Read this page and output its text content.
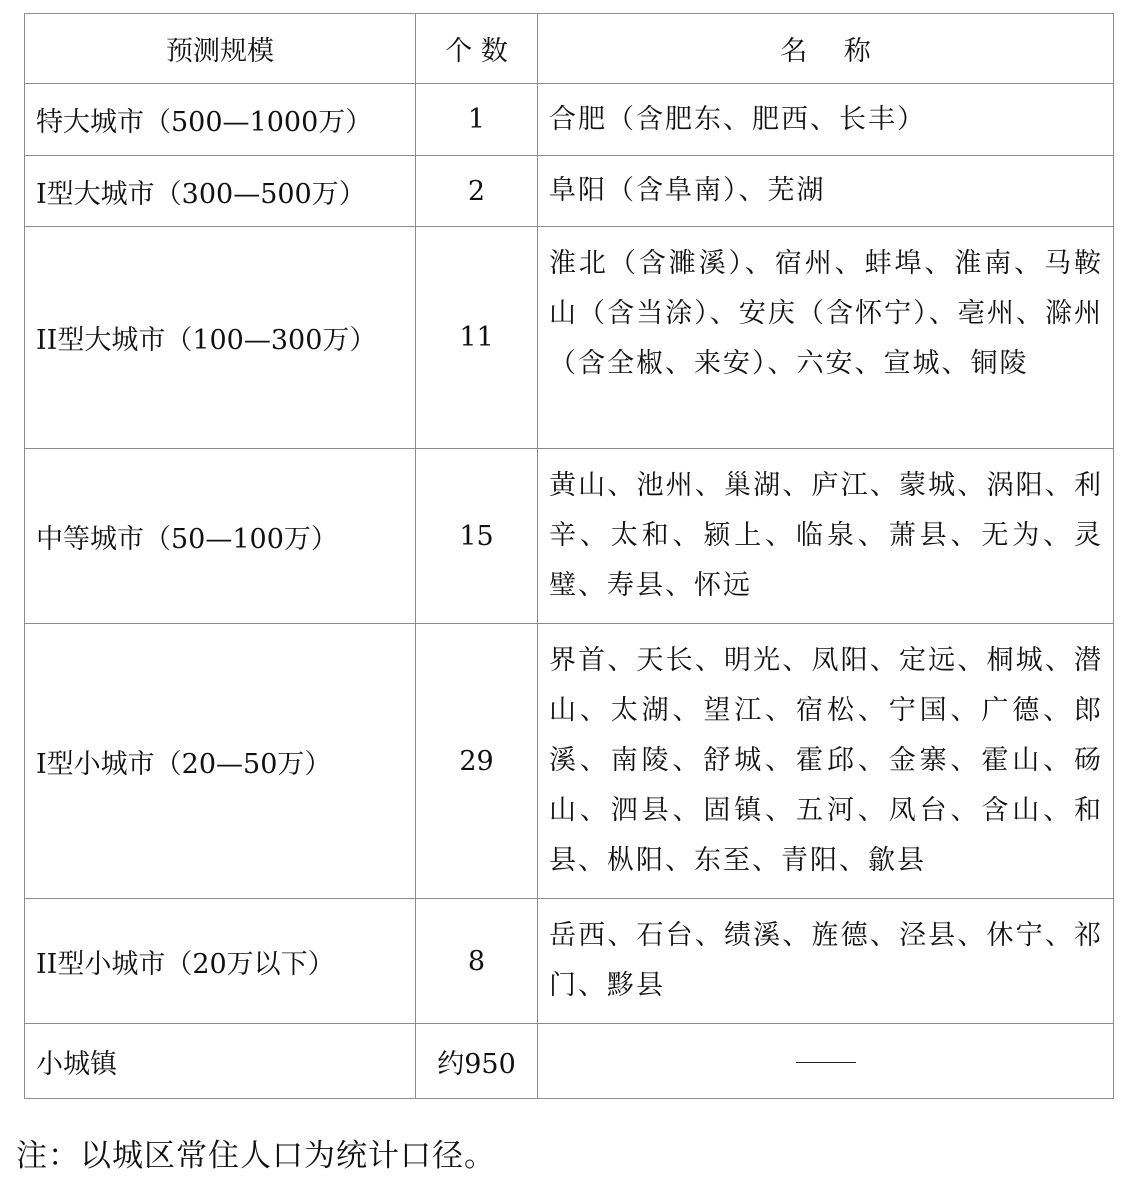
预测规模	个 数	名 称
特大城市（500—1000万）	1	合肥（含肥东、肥西、长丰）
I型大城市（300—500万）	2	阜阳（含阜南）、芜湖
II型大城市（100—300万）	11	淮北（含濉溪）、宿州、蚌埠、淮南、马鞍山（含当涂）、安庆（含怀宁）、亳州、滁州（含全椒、来安）、六安、宣城、铜陵
中等城市（50—100万）	15	黄山、池州、巢湖、庐江、蒙城、涡阳、利辛、太和、颍上、临泉、萧县、无为、灵璧、寿县、怀远
I型小城市（20—50万）	29	界首、天长、明光、凤阳、定远、桐城、潜山、太湖、望江、宿松、宁国、广德、郎溪、南陵、舒城、霍邱、金寨、霍山、砀山、泗县、固镇、五河、凤台、含山、和县、枞阳、东至、青阳、歙县
II型小城市（20万以下）	8	岳西、石台、绩溪、旌德、泾县、休宁、祁门、黟县
小城镇	约950	
注：以城区常住人口为统计口径。
